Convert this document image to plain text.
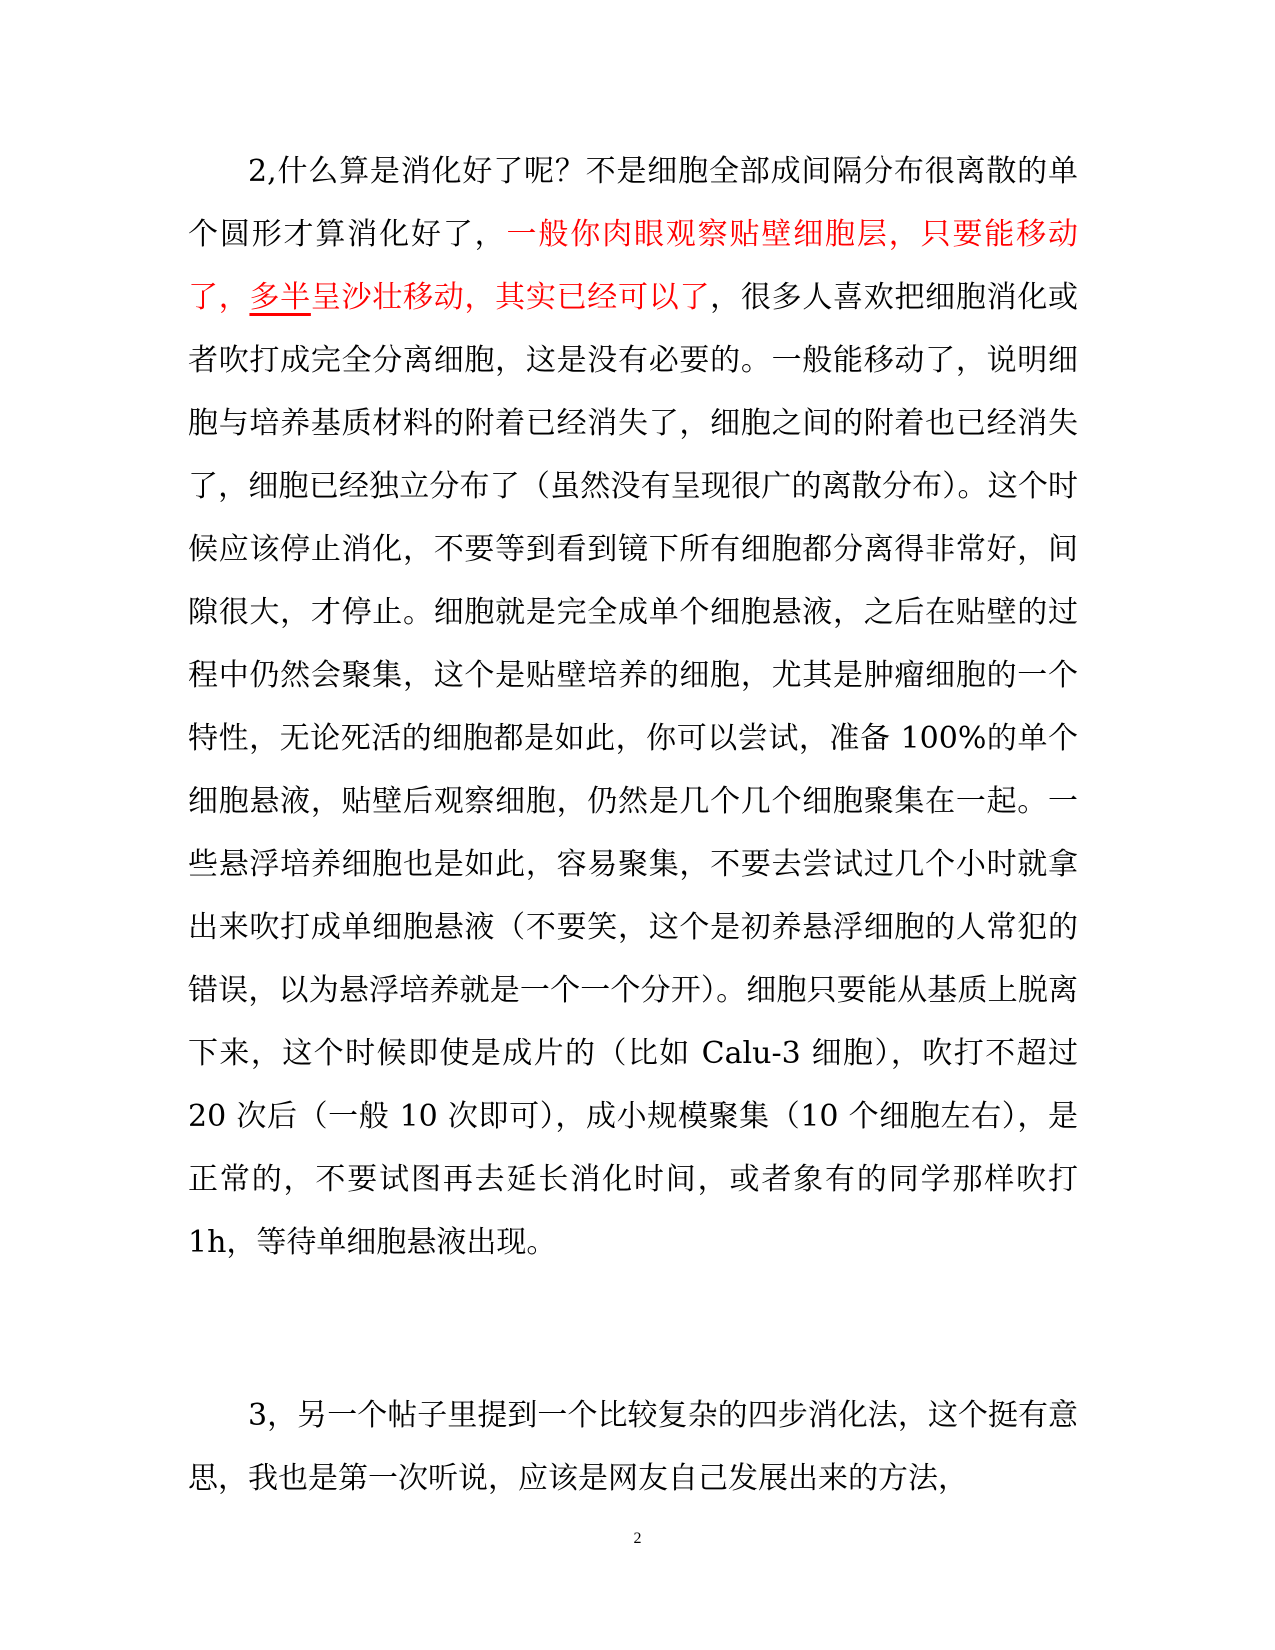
2,什么算是消化好了呢？不是细胞全部成间隔分布很离散的单个圆形才算消化好了，一般你肉眼观察贴壁细胞层，只要能移动了，多半呈沙壮移动，其实已经可以了，很多人喜欢把细胞消化或者吹打成完全分离细胞，这是没有必要的。一般能移动了，说明细胞与培养基质材料的附着已经消失了，细胞之间的附着也已经消失了，细胞已经独立分布了（虽然没有呈现很广的离散分布）。这个时候应该停止消化，不要等到看到镜下所有细胞都分离得非常好，间隙很大，才停止。细胞就是完全成单个细胞悬液，之后在贴壁的过程中仍然会聚集，这个是贴壁培养的细胞，尤其是肿瘤细胞的一个特性，无论死活的细胞都是如此，你可以尝试，准备 100%的单个细胞悬液，贴壁后观察细胞，仍然是几个几个细胞聚集在一起。一些悬浮培养细胞也是如此，容易聚集，不要去尝试过几个小时就拿出来吹打成单细胞悬液（不要笑，这个是初养悬浮细胞的人常犯的错误，以为悬浮培养就是一个一个分开）。细胞只要能从基质上脱离下来，这个时候即使是成片的（比如 Calu-3 细胞），吹打不超过 20 次后（一般 10 次即可），成小规模聚集（10 个细胞左右），是正常的，不要试图再去延长消化时间，或者象有的同学那样吹打 1h，等待单细胞悬液出现。

3，另一个帖子里提到一个比较复杂的四步消化法，这个挺有意思，我也是第一次听说，应该是网友自己发展出来的方法，

2
